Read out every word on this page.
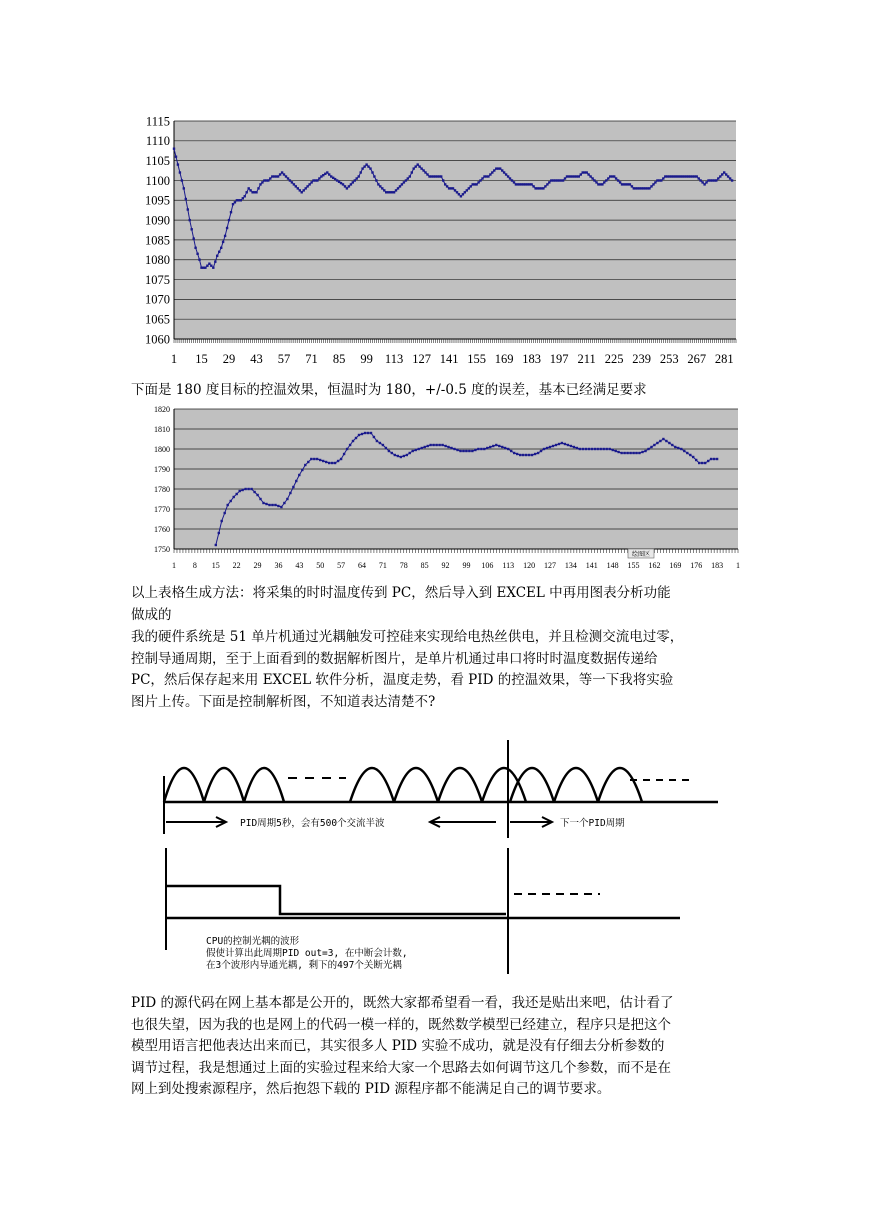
1060
1065
1070
1075
1080
1085
1090
1095
1100
1105
1110
1115
1 15 29 43 57 71 85 99 113 127 141 155 169 183 197 211 225 239 253 267 281
下面是 180 度目标的控温效果，恒温时为 180，+/-0.5 度的误差，基本已经满足要求
1750
1760
1770
1780
1790
1800
1810
1820
1 8 15 22 29 36 43 50 57 64 71 78 85 92 99 106 113 120 127 134 141 148 155 162 169 176 183 1
绘图区
以上表格生成方法：将采集的时时温度传到 PC，然后导入到 EXCEL 中再用图表分析功能
做成的
我的硬件系统是 51 单片机通过光耦触发可控硅来实现给电热丝供电，并且检测交流电过零，
控制导通周期，至于上面看到的数据解析图片，是单片机通过串口将时时温度数据传递给
PC，然后保存起来用 EXCEL 软件分析，温度走势，看 PID 的控温效果，等一下我将实验
图片上传。下面是控制解析图，不知道表达清楚不?
PID周期5秒，会有500个交流半波	下一个PID周期
CPU的控制光耦的波形
假使计算出此周期PID out=3, 在中断会计数,
在3个波形内导通光耦, 剩下的497个关断光耦
PID 的源代码在网上基本都是公开的，既然大家都希望看一看，我还是贴出来吧，估计看了
也很失望，因为我的也是网上的代码一模一样的，既然数学模型已经建立，程序只是把这个
模型用语言把他表达出来而已，其实很多人 PID 实验不成功，就是没有仔细去分析参数的
调节过程，我是想通过上面的实验过程来给大家一个思路去如何调节这几个参数，而不是在
网上到处搜索源程序，然后抱怨下载的 PID 源程序都不能满足自己的调节要求。
